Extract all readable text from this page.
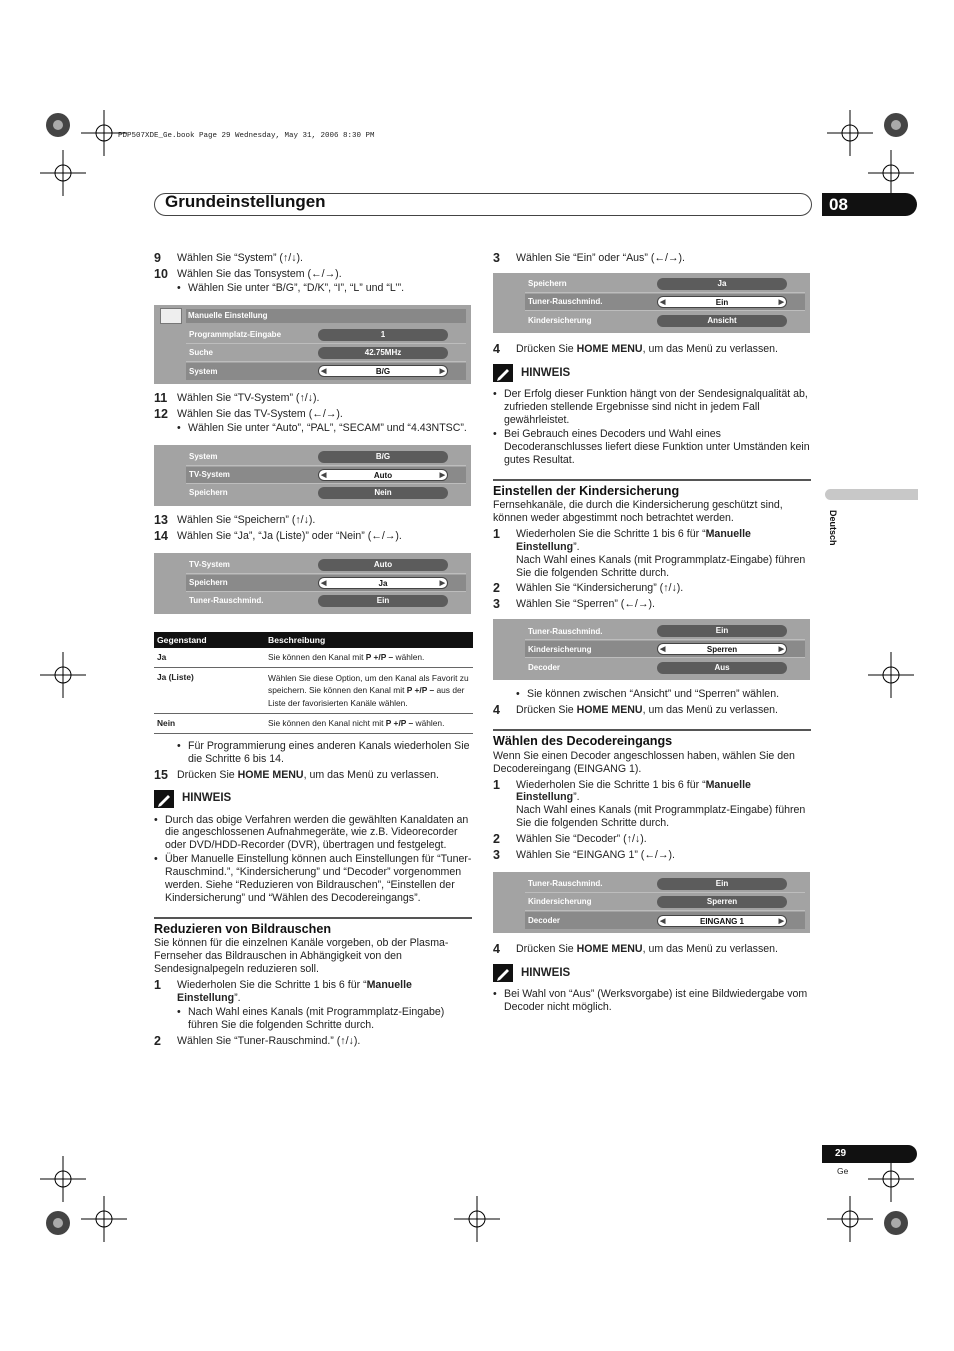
PDP507XDE_Ge.book Page 29 Wednesday, May 31, 2006 8:30 PM
Grundeinstellungen	08
Deutsch
9	Wählen Sie “System” (↑/↓).
10 Wählen Sie das Tonsystem (←/→).
• Wählen Sie unter “B/G”, “D/K”, “I”, “L” und “L’”.
Manuelle Einstellung
Programmplatz-Eingabe	1
Suche	42.75MHz
System	◀ B/G ▶
11 Wählen Sie “TV-System” (↑/↓).
12 Wählen Sie das TV-System (←/→).
• Wählen Sie unter “Auto”, “PAL”, “SECAM” und “4.43NTSC”.
System	B/G
TV-System	◀ Auto ▶
Speichern	Nein
13 Wählen Sie “Speichern” (↑/↓).
14 Wählen Sie “Ja”, “Ja (Liste)” oder “Nein” (←/→).
TV-System	Auto
Speichern	◀ Ja ▶
Tuner-Rauschmind.	Ein
Gegenstand	Beschreibung
Ja	Sie können den Kanal mit P +/P – wählen.
Ja (Liste)	Wählen Sie diese Option, um den Kanal als Favorit zu speichern. Sie können den Kanal mit P +/P – aus der Liste der favorisierten Kanäle wählen.
Nein	Sie können den Kanal nicht mit P +/P – wählen.
• Für Programmierung eines anderen Kanals wiederholen Sie die Schritte 6 bis 14.
15 Drücken Sie HOME MENU, um das Menü zu verlassen.
HINWEIS
• Durch das obige Verfahren werden die gewählten Kanaldaten an die angeschlossenen Aufnahmegeräte, wie z.B. Videorecorder oder DVD/HDD-Recorder (DVR), übertragen und festgelegt.
• Über Manuelle Einstellung können auch Einstellungen für “Tuner-Rauschmind.”, “Kindersicherung” und “Decoder” vorgenommen werden. Siehe “Reduzieren von Bildrauschen”, “Einstellen der Kindersicherung” und “Wählen des Decodereingangs”.
Reduzieren von Bildrauschen
Sie können für die einzelnen Kanäle vorgeben, ob der Plasma-Fernseher das Bildrauschen in Abhängigkeit von den Sendesignalpegeln reduzieren soll.
1	Wiederholen Sie die Schritte 1 bis 6 für “Manuelle Einstellung”.
• Nach Wahl eines Kanals (mit Programmplatz-Eingabe) führen Sie die folgenden Schritte durch.
2	Wählen Sie “Tuner-Rauschmind.” (↑/↓).
3	Wählen Sie “Ein” oder “Aus” (←/→).
Speichern	Ja
Tuner-Rauschmind.	◀ Ein ▶
Kindersicherung	Ansicht
4	Drücken Sie HOME MENU, um das Menü zu verlassen.
HINWEIS
• Der Erfolg dieser Funktion hängt von der Sendesignalqualität ab, zufrieden stellende Ergebnisse sind nicht in jedem Fall gewährleistet.
• Bei Gebrauch eines Decoders und Wahl eines Decoderanschlusses liefert diese Funktion unter Umständen kein gutes Resultat.
Einstellen der Kindersicherung
Fernsehkanäle, die durch die Kindersicherung geschützt sind, können weder abgestimmt noch betrachtet werden.
1	Wiederholen Sie die Schritte 1 bis 6 für “Manuelle Einstellung”.
Nach Wahl eines Kanals (mit Programmplatz-Eingabe) führen Sie die folgenden Schritte durch.
2	Wählen Sie “Kindersicherung” (↑/↓).
3	Wählen Sie “Sperren” (←/→).
Tuner-Rauschmind.	Ein
Kindersicherung	◀ Sperren ▶
Decoder	Aus
• Sie können zwischen “Ansicht” und “Sperren” wählen.
4	Drücken Sie HOME MENU, um das Menü zu verlassen.
Wählen des Decodereingangs
Wenn Sie einen Decoder angeschlossen haben, wählen Sie den Decodereingang (EINGANG 1).
1	Wiederholen Sie die Schritte 1 bis 6 für “Manuelle Einstellung”.
Nach Wahl eines Kanals (mit Programmplatz-Eingabe) führen Sie die folgenden Schritte durch.
2	Wählen Sie “Decoder” (↑/↓).
3	Wählen Sie “EINGANG 1” (←/→).
Tuner-Rauschmind.	Ein
Kindersicherung	Sperren
Decoder	◀ EINGANG 1 ▶
4	Drücken Sie HOME MENU, um das Menü zu verlassen.
HINWEIS
• Bei Wahl von “Aus” (Werksvorgabe) ist eine Bildwiedergabe vom Decoder nicht möglich.
29
Ge
